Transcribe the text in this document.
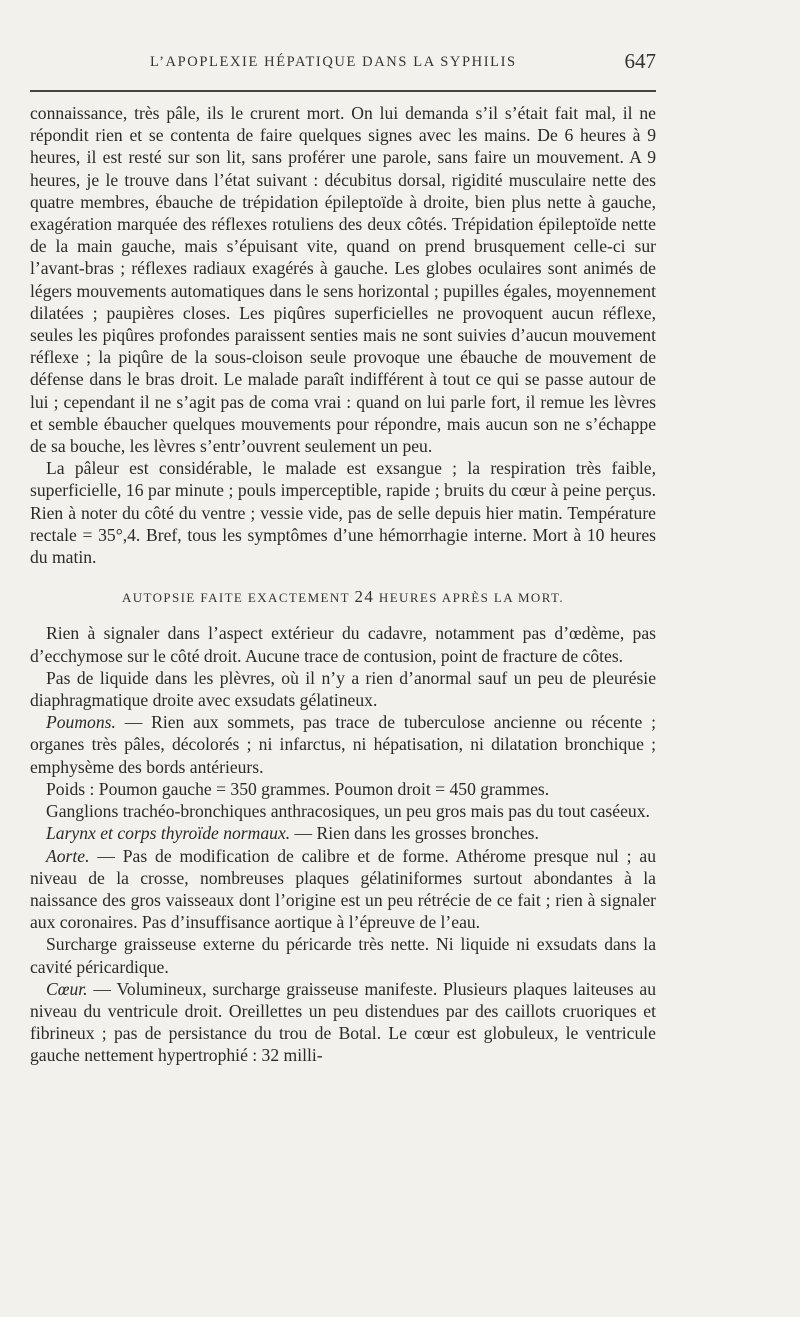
L’APOPLEXIE HÉPATIQUE DANS LA SYPHILIS	647

connaissance, très pâle, ils le crurent mort. On lui demanda s’il s’était fait mal, il ne répondit rien et se contenta de faire quelques signes avec les mains. De 6 heures à 9 heures, il est resté sur son lit, sans proférer une parole, sans faire un mouvement. A 9 heures, je le trouve dans l’état suivant : décubitus dorsal, rigidité musculaire nette des quatre membres, ébauche de trépidation épileptoïde à droite, bien plus nette à gauche, exagération marquée des réflexes rotuliens des deux côtés. Trépidation épileptoïde nette de la main gauche, mais s’épuisant vite, quand on prend brusquement celle-ci sur l’avant-bras ; réflexes radiaux exagérés à gauche. Les globes oculaires sont animés de légers mouvements automatiques dans le sens horizontal ; pupilles égales, moyennement dilatées ; paupières closes. Les piqûres superficielles ne provoquent aucun réflexe, seules les piqûres profondes paraissent senties mais ne sont suivies d’aucun mouvement réflexe ; la piqûre de la sous-cloison seule provoque une ébauche de mouvement de défense dans le bras droit. Le malade paraît indifférent à tout ce qui se passe autour de lui ; cependant il ne s’agit pas de coma vrai : quand on lui parle fort, il remue les lèvres et semble ébaucher quelques mouvements pour répondre, mais aucun son ne s’échappe de sa bouche, les lèvres s’entr’ouvrent seulement un peu.

La pâleur est considérable, le malade est exsangue ; la respiration très faible, superficielle, 16 par minute ; pouls imperceptible, rapide ; bruits du cœur à peine perçus. Rien à noter du côté du ventre ; vessie vide, pas de selle depuis hier matin. Température rectale = 35°,4. Bref, tous les symptômes d’une hémorrhagie interne. Mort à 10 heures du matin.

AUTOPSIE FAITE EXACTEMENT 24 HEURES APRÈS LA MORT.

Rien à signaler dans l’aspect extérieur du cadavre, notamment pas d’œdème, pas d’ecchymose sur le côté droit. Aucune trace de contusion, point de fracture de côtes.

Pas de liquide dans les plèvres, où il n’y a rien d’anormal sauf un peu de pleurésie diaphragmatique droite avec exsudats gélatineux.

Poumons. — Rien aux sommets, pas trace de tuberculose ancienne ou récente ; organes très pâles, décolorés ; ni infarctus, ni hépatisation, ni dilatation bronchique ; emphysème des bords antérieurs.

Poids : Poumon gauche = 350 grammes. Poumon droit = 450 grammes.

Ganglions trachéo-bronchiques anthracosiques, un peu gros mais pas du tout caséeux.

Larynx et corps thyroïde normaux. — Rien dans les grosses bronches.

Aorte. — Pas de modification de calibre et de forme. Athérome presque nul ; au niveau de la crosse, nombreuses plaques gélatiniformes surtout abondantes à la naissance des gros vaisseaux dont l’origine est un peu rétrécie de ce fait ; rien à signaler aux coronaires. Pas d’insuffisance aortique à l’épreuve de l’eau.

Surcharge graisseuse externe du péricarde très nette. Ni liquide ni exsudats dans la cavité péricardique.

Cœur. — Volumineux, surcharge graisseuse manifeste. Plusieurs plaques laiteuses au niveau du ventricule droit. Oreillettes un peu distendues par des caillots cruoriques et fibrineux ; pas de persistance du trou de Botal. Le cœur est globuleux, le ventricule gauche nettement hypertrophié : 32 milli-
